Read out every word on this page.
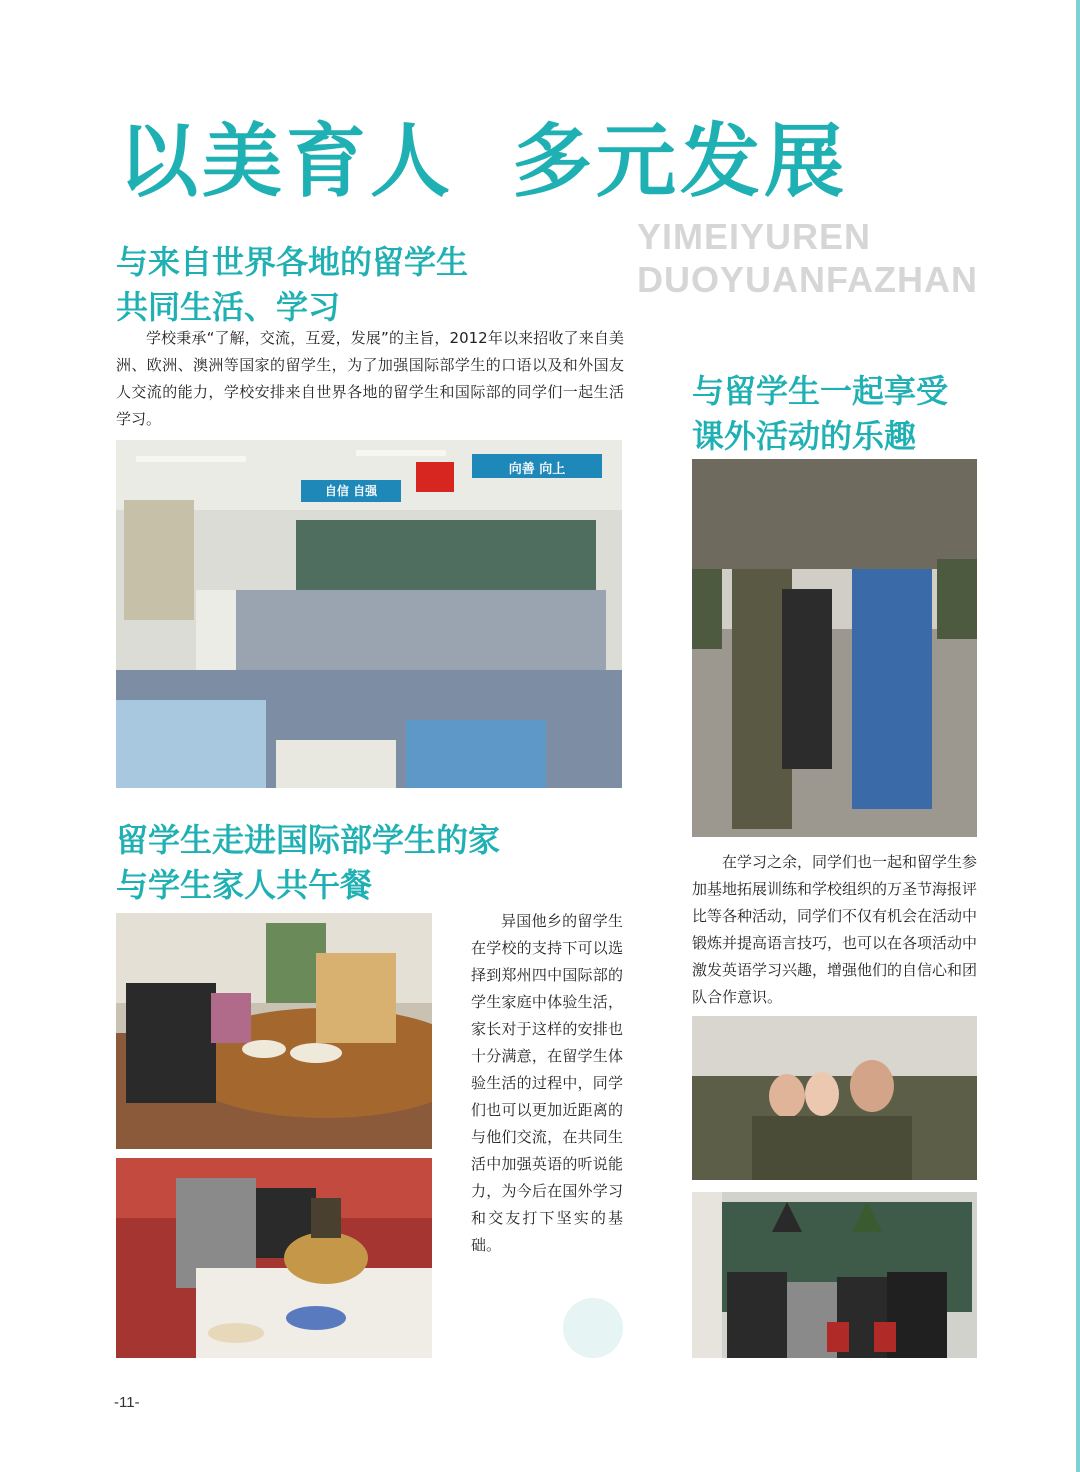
以美育人 多元发展
YIMEIYUREN
DUOYUANFAZHAN
与来自世界各地的留学生
共同生活、学习

学校秉承“了解，交流，互爱，发展”的主旨，2012年以来招收了来自美洲、欧洲、澳洲等国家的留学生，为了加强国际部学生的口语以及和外国友人交流的能力，学校安排来自世界各地的留学生和国际部的同学们一起生活学习。

自信 自强
向善 向上
留学生走进国际部学生的家
与学生家人共午餐

异国他乡的留学生在学校的支持下可以选择到郑州四中国际部的学生家庭中体验生活，家长对于这样的安排也十分满意，在留学生体验生活的过程中，同学们也可以更加近距离的与他们交流，在共同生活中加强英语的听说能力，为今后在国外学习和交友打下坚实的基础。

与留学生一起享受
课外活动的乐趣

在学习之余，同学们也一起和留学生参加基地拓展训练和学校组织的万圣节海报评比等各种活动，同学们不仅有机会在活动中锻炼并提高语言技巧，也可以在各项活动中激发英语学习兴趣，增强他们的自信心和团队合作意识。

-11-
